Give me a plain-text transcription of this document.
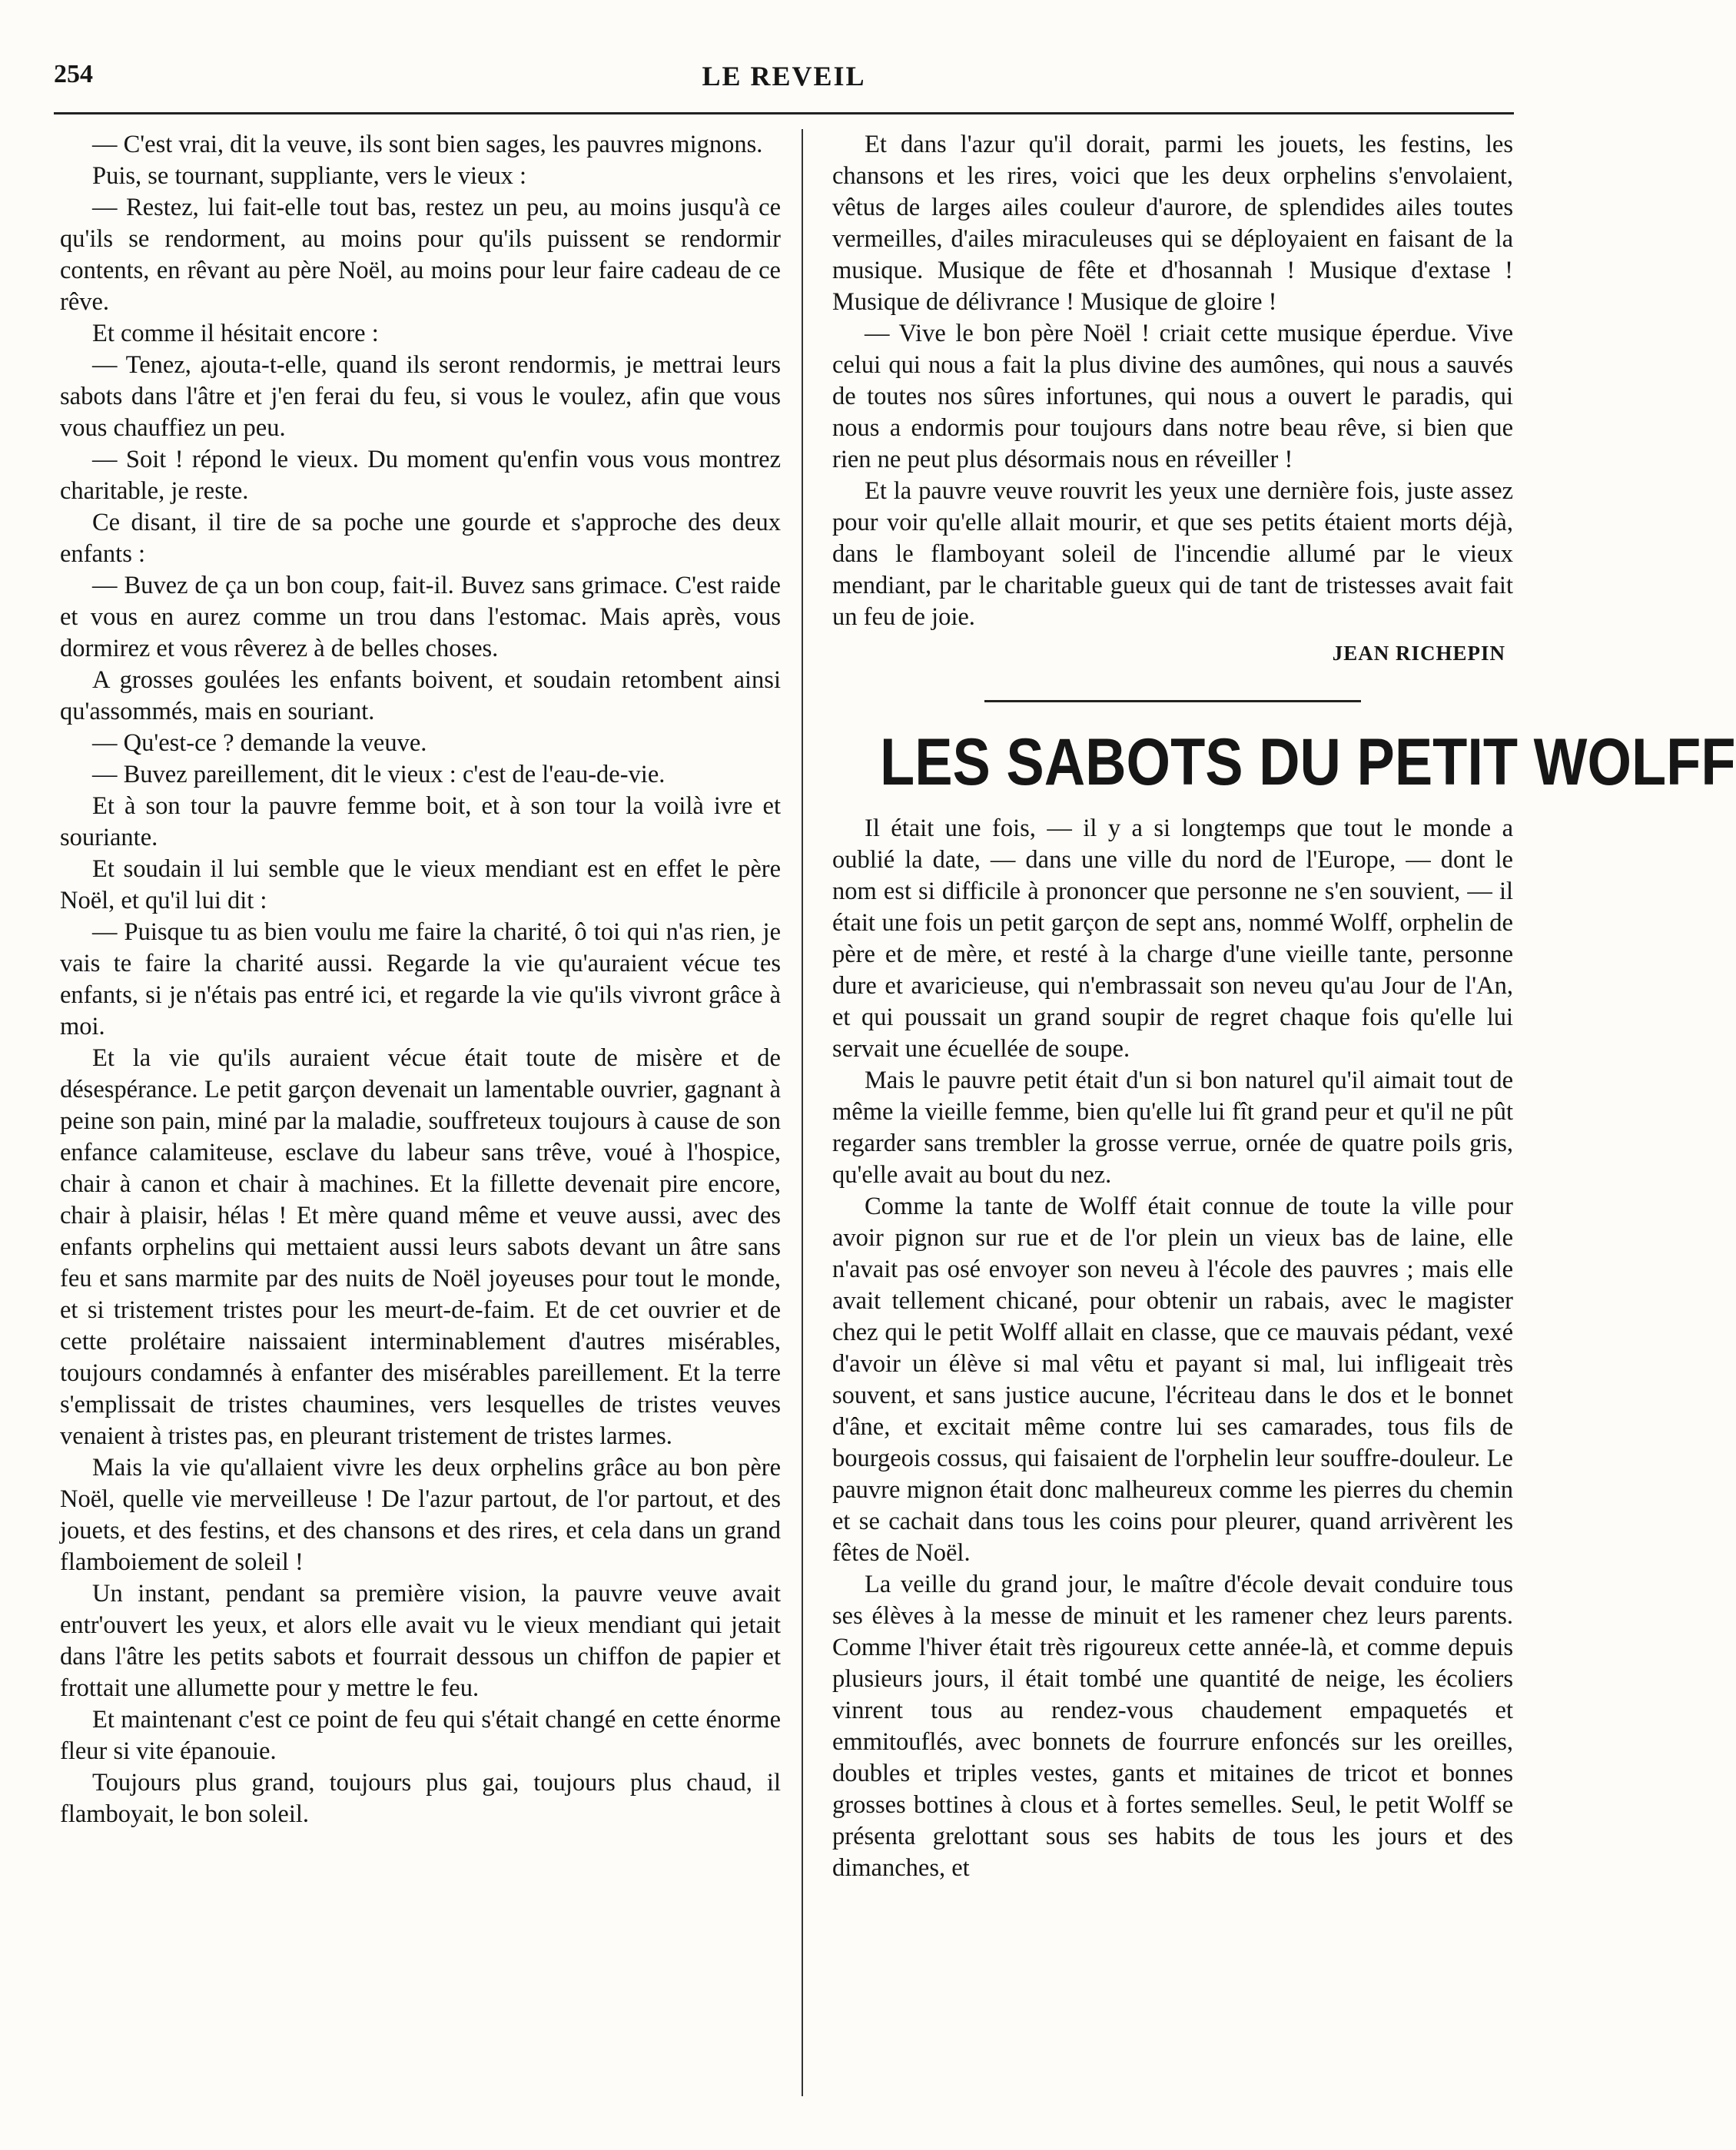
254	LE REVEIL

— C'est vrai, dit la veuve, ils sont bien sages, les pauvres mignons.

Puis, se tournant, suppliante, vers le vieux :

— Restez, lui fait-elle tout bas, restez un peu, au moins jusqu'à ce qu'ils se rendorment, au moins pour qu'ils puissent se rendormir contents, en rêvant au père Noël, au moins pour leur faire cadeau de ce rêve.

Et comme il hésitait encore :

— Tenez, ajouta-t-elle, quand ils seront rendormis, je mettrai leurs sabots dans l'âtre et j'en ferai du feu, si vous le voulez, afin que vous vous chauffiez un peu.

— Soit ! répond le vieux. Du moment qu'enfin vous vous montrez charitable, je reste.

Ce disant, il tire de sa poche une gourde et s'approche des deux enfants :

— Buvez de ça un bon coup, fait-il. Buvez sans grimace. C'est raide et vous en aurez comme un trou dans l'estomac. Mais après, vous dormirez et vous rêverez à de belles choses.

A grosses goulées les enfants boivent, et soudain retombent ainsi qu'assommés, mais en souriant.

— Qu'est-ce ? demande la veuve.

— Buvez pareillement, dit le vieux : c'est de l'eau-de-vie.

Et à son tour la pauvre femme boit, et à son tour la voilà ivre et souriante.

Et soudain il lui semble que le vieux mendiant est en effet le père Noël, et qu'il lui dit :

— Puisque tu as bien voulu me faire la charité, ô toi qui n'as rien, je vais te faire la charité aussi. Regarde la vie qu'auraient vécue tes enfants, si je n'étais pas entré ici, et regarde la vie qu'ils vivront grâce à moi.

Et la vie qu'ils auraient vécue était toute de misère et de désespérance. Le petit garçon devenait un lamentable ouvrier, gagnant à peine son pain, miné par la maladie, souffreteux toujours à cause de son enfance calamiteuse, esclave du labeur sans trêve, voué à l'hospice, chair à canon et chair à machines. Et la fillette devenait pire encore, chair à plaisir, hélas ! Et mère quand même et veuve aussi, avec des enfants orphelins qui mettaient aussi leurs sabots devant un âtre sans feu et sans marmite par des nuits de Noël joyeuses pour tout le monde, et si tristement tristes pour les meurt-de-faim. Et de cet ouvrier et de cette prolétaire naissaient interminablement d'autres misérables, toujours condamnés à enfanter des misérables pareillement. Et la terre s'emplissait de tristes chaumines, vers lesquelles de tristes veuves venaient à tristes pas, en pleurant tristement de tristes larmes.

Mais la vie qu'allaient vivre les deux orphelins grâce au bon père Noël, quelle vie merveilleuse ! De l'azur partout, de l'or partout, et des jouets, et des festins, et des chansons et des rires, et cela dans un grand flamboiement de soleil !

Un instant, pendant sa première vision, la pauvre veuve avait entr'ouvert les yeux, et alors elle avait vu le vieux mendiant qui jetait dans l'âtre les petits sabots et fourrait dessous un chiffon de papier et frottait une allumette pour y mettre le feu.

Et maintenant c'est ce point de feu qui s'était changé en cette énorme fleur si vite épanouie.

Toujours plus grand, toujours plus gai, toujours plus chaud, il flamboyait, le bon soleil.

Et dans l'azur qu'il dorait, parmi les jouets, les festins, les chansons et les rires, voici que les deux orphelins s'envolaient, vêtus de larges ailes couleur d'aurore, de splendides ailes toutes vermeilles, d'ailes miraculeuses qui se déployaient en faisant de la musique. Musique de fête et d'hosannah ! Musique d'extase ! Musique de délivrance ! Musique de gloire !

— Vive le bon père Noël ! criait cette musique éperdue. Vive celui qui nous a fait la plus divine des aumônes, qui nous a sauvés de toutes nos sûres infortunes, qui nous a ouvert le paradis, qui nous a endormis pour toujours dans notre beau rêve, si bien que rien ne peut plus désormais nous en réveiller !

Et la pauvre veuve rouvrit les yeux une dernière fois, juste assez pour voir qu'elle allait mourir, et que ses petits étaient morts déjà, dans le flamboyant soleil de l'incendie allumé par le vieux mendiant, par le charitable gueux qui de tant de tristesses avait fait un feu de joie.

JEAN RICHEPIN
LES SABOTS DU PETIT WOLFF

Il était une fois, — il y a si longtemps que tout le monde a oublié la date, — dans une ville du nord de l'Europe, — dont le nom est si difficile à prononcer que personne ne s'en souvient, — il était une fois un petit garçon de sept ans, nommé Wolff, orphelin de père et de mère, et resté à la charge d'une vieille tante, personne dure et avaricieuse, qui n'embrassait son neveu qu'au Jour de l'An, et qui poussait un grand soupir de regret chaque fois qu'elle lui servait une écuellée de soupe.

Mais le pauvre petit était d'un si bon naturel qu'il aimait tout de même la vieille femme, bien qu'elle lui fît grand peur et qu'il ne pût regarder sans trembler la grosse verrue, ornée de quatre poils gris, qu'elle avait au bout du nez.

Comme la tante de Wolff était connue de toute la ville pour avoir pignon sur rue et de l'or plein un vieux bas de laine, elle n'avait pas osé envoyer son neveu à l'école des pauvres ; mais elle avait tellement chicané, pour obtenir un rabais, avec le magister chez qui le petit Wolff allait en classe, que ce mauvais pédant, vexé d'avoir un élève si mal vêtu et payant si mal, lui infligeait très souvent, et sans justice aucune, l'écriteau dans le dos et le bonnet d'âne, et excitait même contre lui ses camarades, tous fils de bourgeois cossus, qui faisaient de l'orphelin leur souffre-douleur. Le pauvre mignon était donc malheureux comme les pierres du chemin et se cachait dans tous les coins pour pleurer, quand arrivèrent les fêtes de Noël.

La veille du grand jour, le maître d'école devait conduire tous ses élèves à la messe de minuit et les ramener chez leurs parents. Comme l'hiver était très rigoureux cette année-là, et comme depuis plusieurs jours, il était tombé une quantité de neige, les écoliers vinrent tous au rendez-vous chaudement empaquetés et emmitouflés, avec bonnets de fourrure enfoncés sur les oreilles, doubles et triples vestes, gants et mitaines de tricot et bonnes grosses bottines à clous et à fortes semelles. Seul, le petit Wolff se présenta grelottant sous ses habits de tous les jours et des dimanches, et
